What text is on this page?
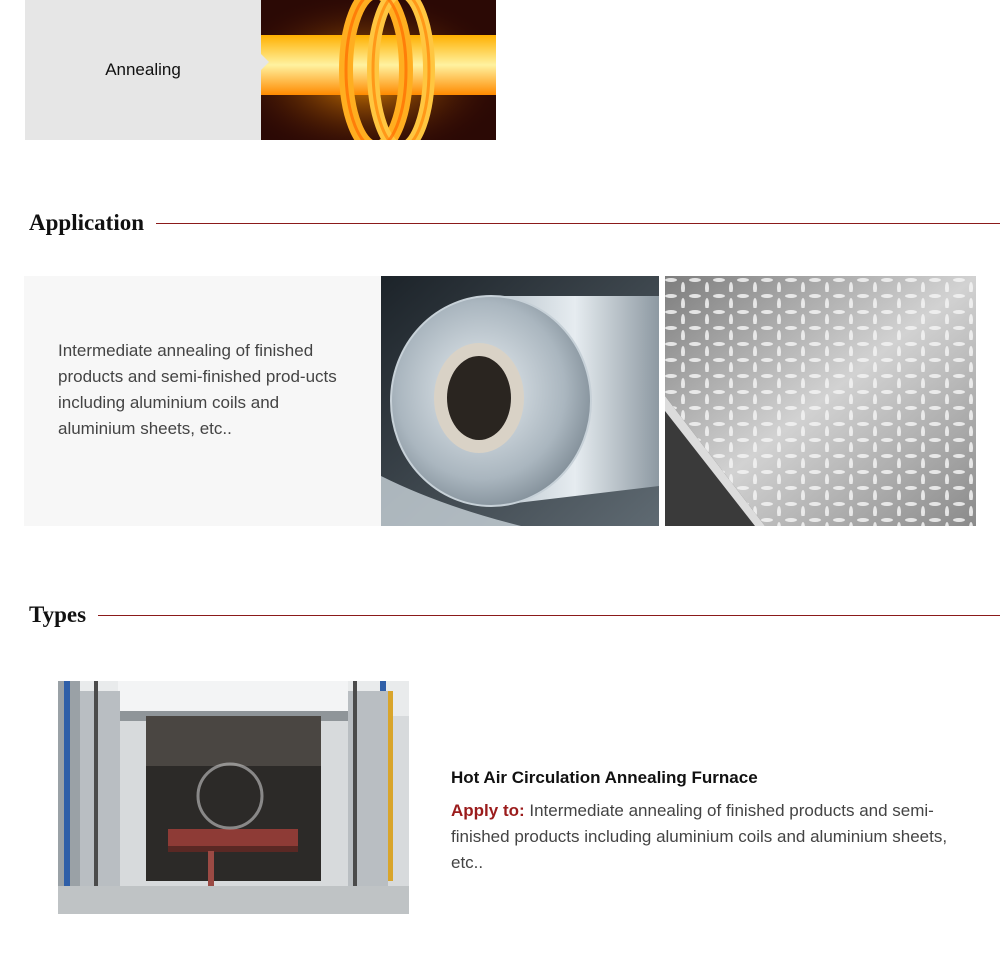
Annealing
Application

Intermediate annealing of finished products and semi-finished prod-ucts including aluminium coils and aluminium sheets, etc..

Types
Hot Air Circulation Annealing Furnace

Apply to: Intermediate annealing of finished products and semi-finished products including aluminium coils and aluminium sheets, etc..
